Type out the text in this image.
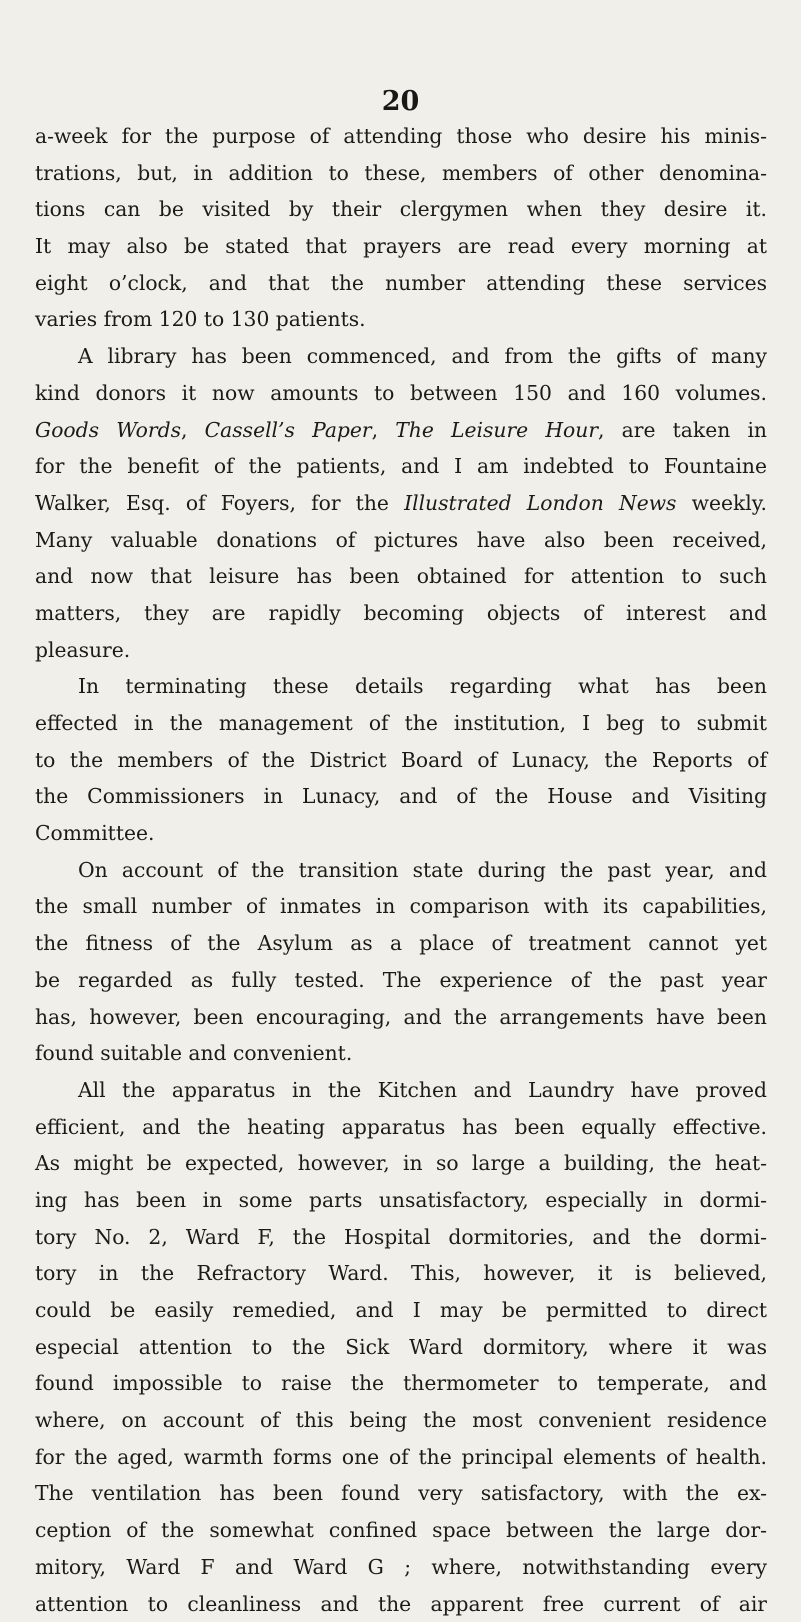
20
a-week for the purpose of attending those who desire his minis-
trations, but, in addition to these, members of other denomina-
tions can be visited by their clergymen when they desire it.
It may also be stated that prayers are read every morning at
eight o’clock, and that the number attending these services
varies from 120 to 130 patients.
A library has been commenced, and from the gifts of many
kind donors it now amounts to between 150 and 160 volumes.
Goods Words, Cassell’s Paper, The Leisure Hour, are taken in
for the benefit of the patients, and I am indebted to Fountaine
Walker, Esq. of Foyers, for the Illustrated London News weekly.
Many valuable donations of pictures have also been received,
and now that leisure has been obtained for attention to such
matters, they are rapidly becoming objects of interest and
pleasure.
In terminating these details regarding what has been
effected in the management of the institution, I beg to submit
to the members of the District Board of Lunacy, the Reports of
the Commissioners in Lunacy, and of the House and Visiting
Committee.
On account of the transition state during the past year, and
the small number of inmates in comparison with its capabilities,
the fitness of the Asylum as a place of treatment cannot yet
be regarded as fully tested. The experience of the past year
has, however, been encouraging, and the arrangements have been
found suitable and convenient.
All the apparatus in the Kitchen and Laundry have proved
efficient, and the heating apparatus has been equally effective.
As might be expected, however, in so large a building, the heat-
ing has been in some parts unsatisfactory, especially in dormi-
tory No. 2, Ward F, the Hospital dormitories, and the dormi-
tory in the Refractory Ward. This, however, it is believed,
could be easily remedied, and I may be permitted to direct
especial attention to the Sick Ward dormitory, where it was
found impossible to raise the thermometer to temperate, and
where, on account of this being the most convenient residence
for the aged, warmth forms one of the principal elements of health.
The ventilation has been found very satisfactory, with the ex-
ception of the somewhat confined space between the large dor-
mitory, Ward F and Ward G ; where, notwithstanding every
attention to cleanliness and the apparent free current of air
